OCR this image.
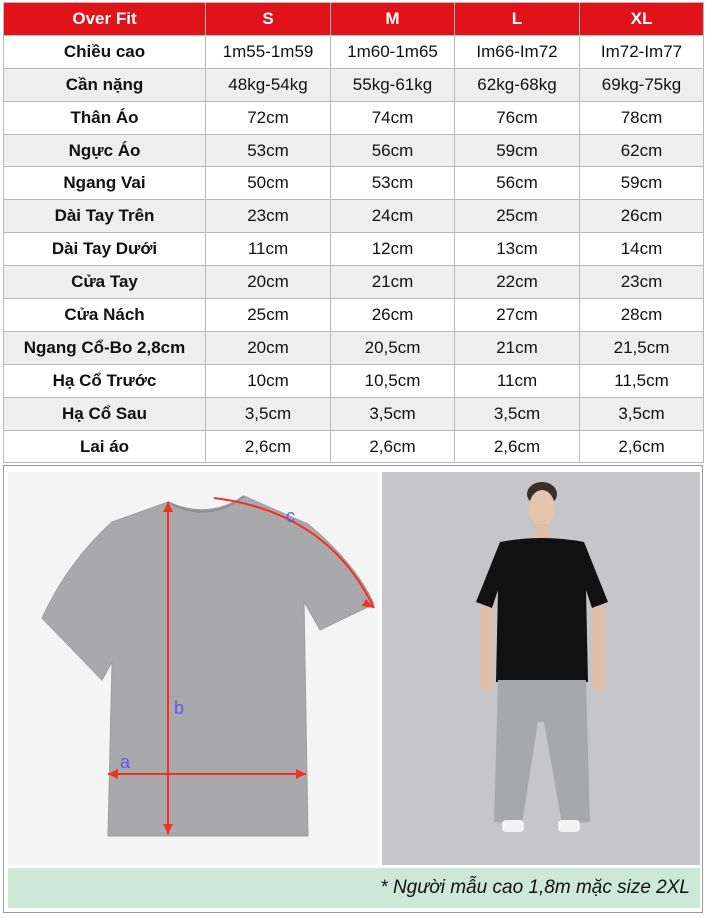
Over Fit	S	M	L	XL
Chiều cao	1m55-1m59	1m60-1m65	Im66-Im72	Im72-Im77
Cần nặng	48kg-54kg	55kg-61kg	62kg-68kg	69kg-75kg
Thân Áo	72cm	74cm	76cm	78cm
Ngực Áo	53cm	56cm	59cm	62cm
Ngang Vai	50cm	53cm	56cm	59cm
Dài Tay Trên	23cm	24cm	25cm	26cm
Dài Tay Dưới	11cm	12cm	13cm	14cm
Cửa Tay	20cm	21cm	22cm	23cm
Cửa Nách	25cm	26cm	27cm	28cm
Ngang Cổ-Bo 2,8cm	20cm	20,5cm	21cm	21,5cm
Hạ Cổ Trước	10cm	10,5cm	11cm	11,5cm
Hạ Cổ Sau	3,5cm	3,5cm	3,5cm	3,5cm
Lai áo	2,6cm	2,6cm	2,6cm	2,6cm
a
b
c
* Người mẫu cao 1,8m mặc size 2XL
